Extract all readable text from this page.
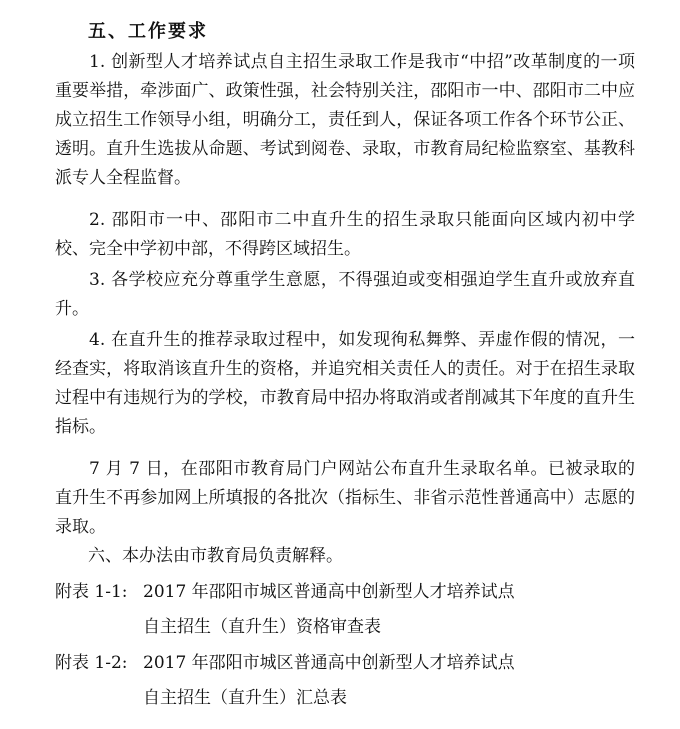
五、工作要求
1. 创新型人才培养试点自主招生录取工作是我市“中招”改革制度的一项重要举措，牵涉面广、政策性强，社会特别关注，邵阳市一中、邵阳市二中应成立招生工作领导小组，明确分工，责任到人，保证各项工作各个环节公正、透明。直升生选拔从命题、考试到阅卷、录取，市教育局纪检监察室、基教科派专人全程监督。
2. 邵阳市一中、邵阳市二中直升生的招生录取只能面向区域内初中学校、完全中学初中部，不得跨区域招生。
3. 各学校应充分尊重学生意愿，不得强迫或变相强迫学生直升或放弃直升。
4. 在直升生的推荐录取过程中，如发现徇私舞弊、弄虚作假的情况，一经查实，将取消该直升生的资格，并追究相关责任人的责任。对于在招生录取过程中有违规行为的学校，市教育局中招办将取消或者削减其下年度的直升生指标。
7 月 7 日，在邵阳市教育局门户网站公布直升生录取名单。已被录取的直升生不再参加网上所填报的各批次（指标生、非省示范性普通高中）志愿的录取。
六、本办法由市教育局负责解释。
附表 1-1: 2017 年邵阳市城区普通高中创新型人才培养试点
自主招生（直升生）资格审查表
附表 1-2: 2017 年邵阳市城区普通高中创新型人才培养试点
自主招生（直升生）汇总表
